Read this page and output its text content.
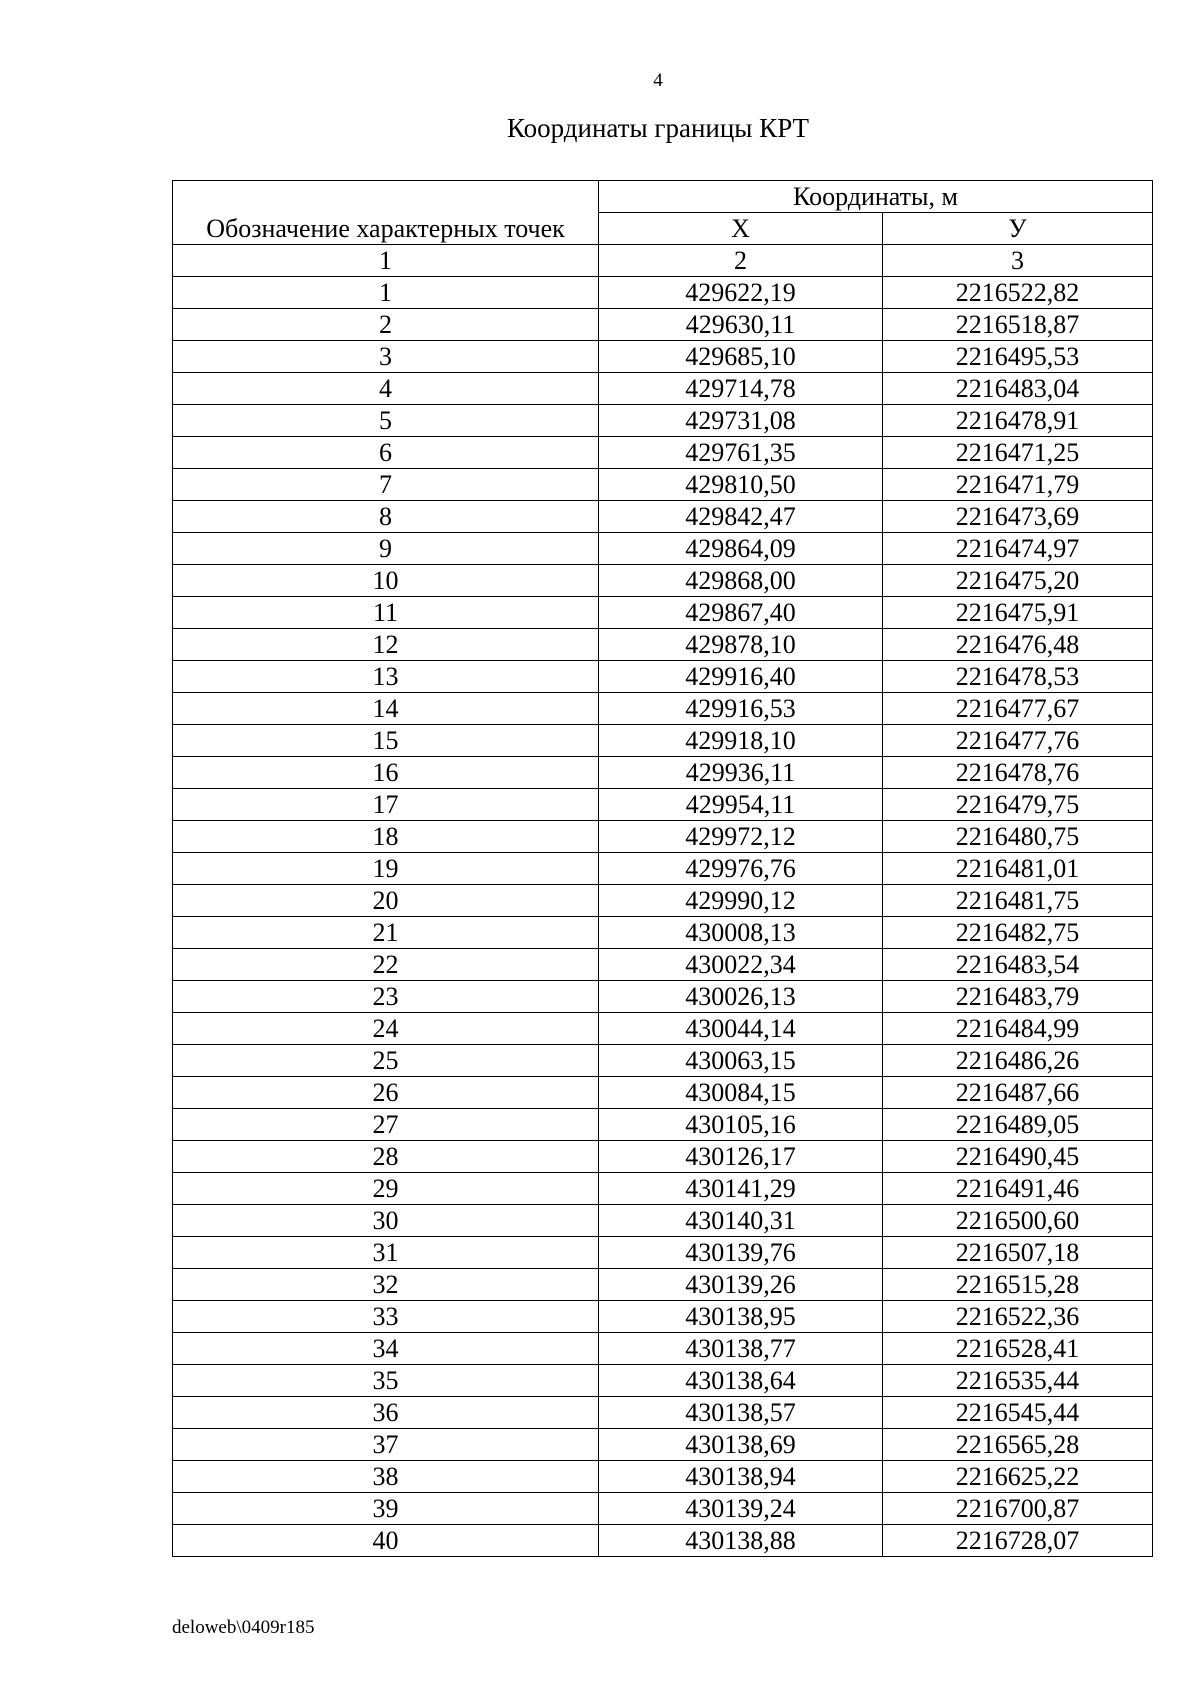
4
Координаты границы КРТ
Обозначение характерных точек	Координаты, м	
	Х	У
1	2	3
1	429622,19	2216522,82
2	429630,11	2216518,87
3	429685,10	2216495,53
4	429714,78	2216483,04
5	429731,08	2216478,91
6	429761,35	2216471,25
7	429810,50	2216471,79
8	429842,47	2216473,69
9	429864,09	2216474,97
10	429868,00	2216475,20
11	429867,40	2216475,91
12	429878,10	2216476,48
13	429916,40	2216478,53
14	429916,53	2216477,67
15	429918,10	2216477,76
16	429936,11	2216478,76
17	429954,11	2216479,75
18	429972,12	2216480,75
19	429976,76	2216481,01
20	429990,12	2216481,75
21	430008,13	2216482,75
22	430022,34	2216483,54
23	430026,13	2216483,79
24	430044,14	2216484,99
25	430063,15	2216486,26
26	430084,15	2216487,66
27	430105,16	2216489,05
28	430126,17	2216490,45
29	430141,29	2216491,46
30	430140,31	2216500,60
31	430139,76	2216507,18
32	430139,26	2216515,28
33	430138,95	2216522,36
34	430138,77	2216528,41
35	430138,64	2216535,44
36	430138,57	2216545,44
37	430138,69	2216565,28
38	430138,94	2216625,22
39	430139,24	2216700,87
40	430138,88	2216728,07
deloweb\0409r185
